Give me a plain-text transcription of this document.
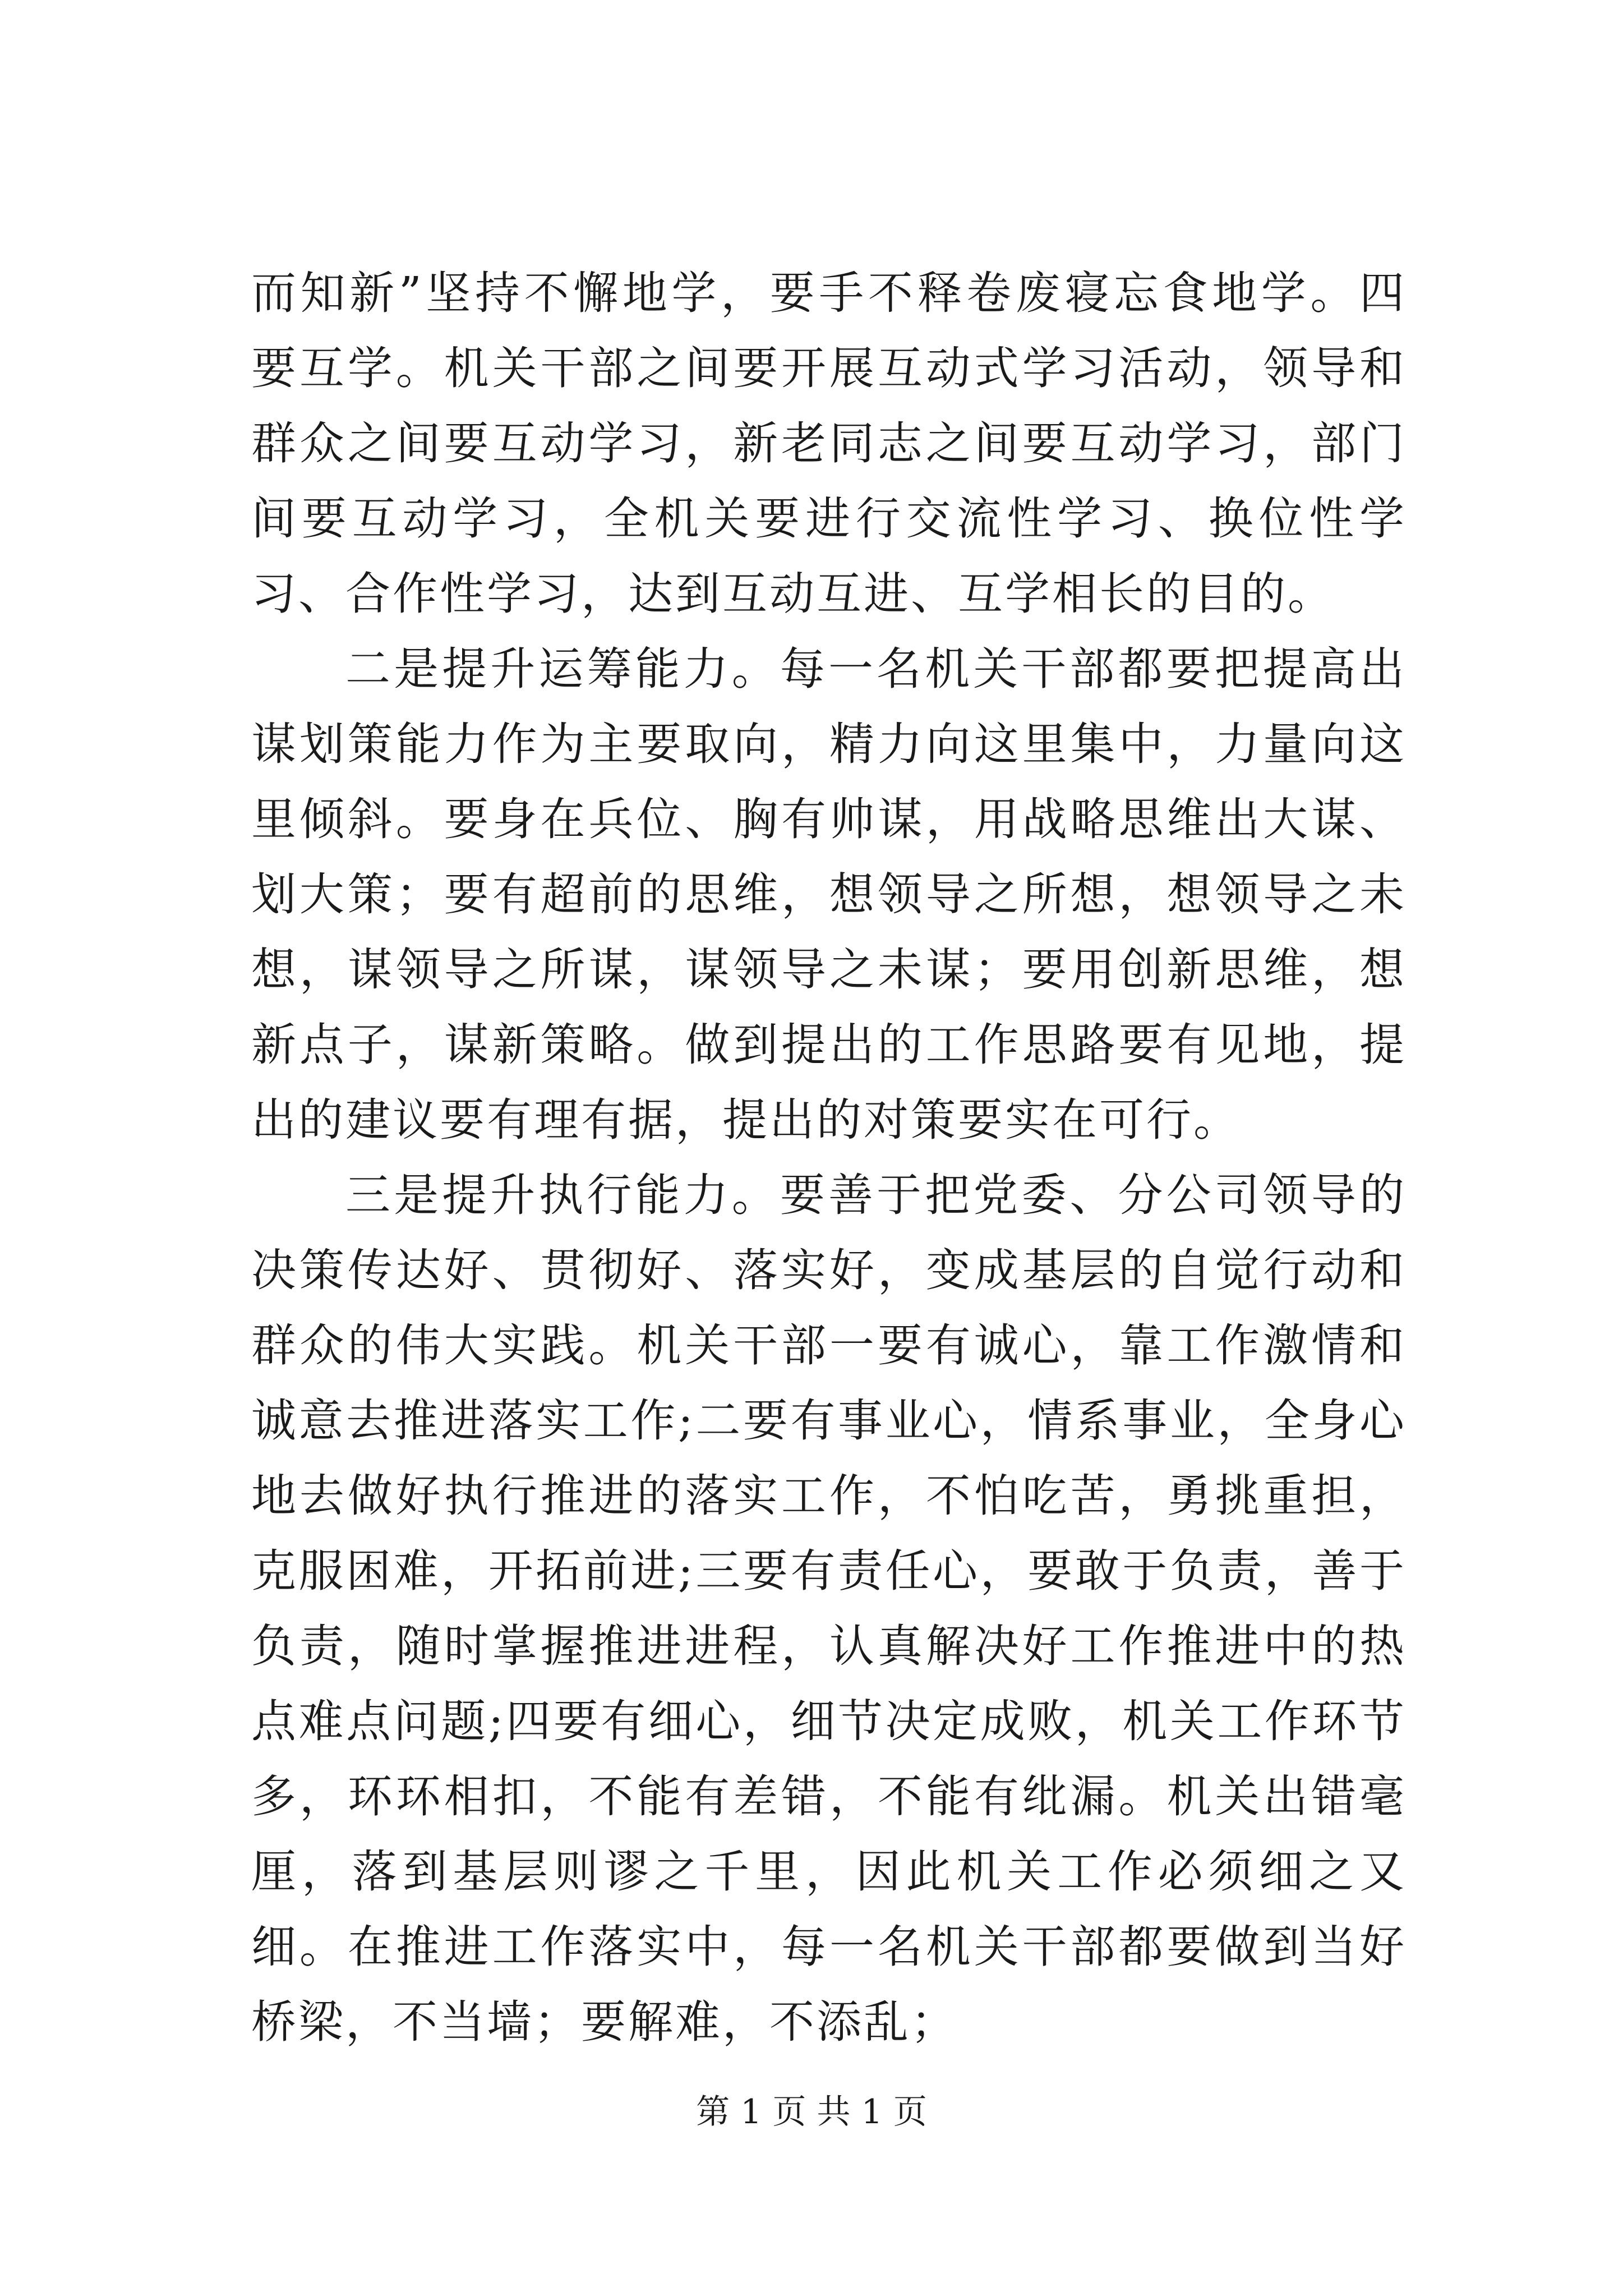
而知新”坚持不懈地学，要手不释卷废寝忘食地学。四要互学。机关干部之间要开展互动式学习活动，领导和群众之间要互动学习，新老同志之间要互动学习，部门间要互动学习，全机关要进行交流性学习、换位性学习、合作性学习，达到互动互进、互学相长的目的。

二是提升运筹能力。每一名机关干部都要把提高出谋划策能力作为主要取向，精力向这里集中，力量向这里倾斜。要身在兵位、胸有帅谋，用战略思维出大谋、划大策；要有超前的思维，想领导之所想，想领导之未想，谋领导之所谋，谋领导之未谋；要用创新思维，想新点子，谋新策略。做到提出的工作思路要有见地，提出的建议要有理有据，提出的对策要实在可行。

三是提升执行能力。要善于把党委、分公司领导的决策传达好、贯彻好、落实好，变成基层的自觉行动和群众的伟大实践。机关干部一要有诚心，靠工作激情和诚意去推进落实工作;二要有事业心，情系事业，全身心地去做好执行推进的落实工作，不怕吃苦，勇挑重担，克服困难，开拓前进;三要有责任心，要敢于负责，善于负责，随时掌握推进进程，认真解决好工作推进中的热点难点问题;四要有细心，细节决定成败，机关工作环节多，环环相扣，不能有差错，不能有纰漏。机关出错毫厘，落到基层则谬之千里，因此机关工作必须细之又细。在推进工作落实中，每一名机关干部都要做到当好桥梁，不当墙；要解难，不添乱；

第 1 页 共 1 页
